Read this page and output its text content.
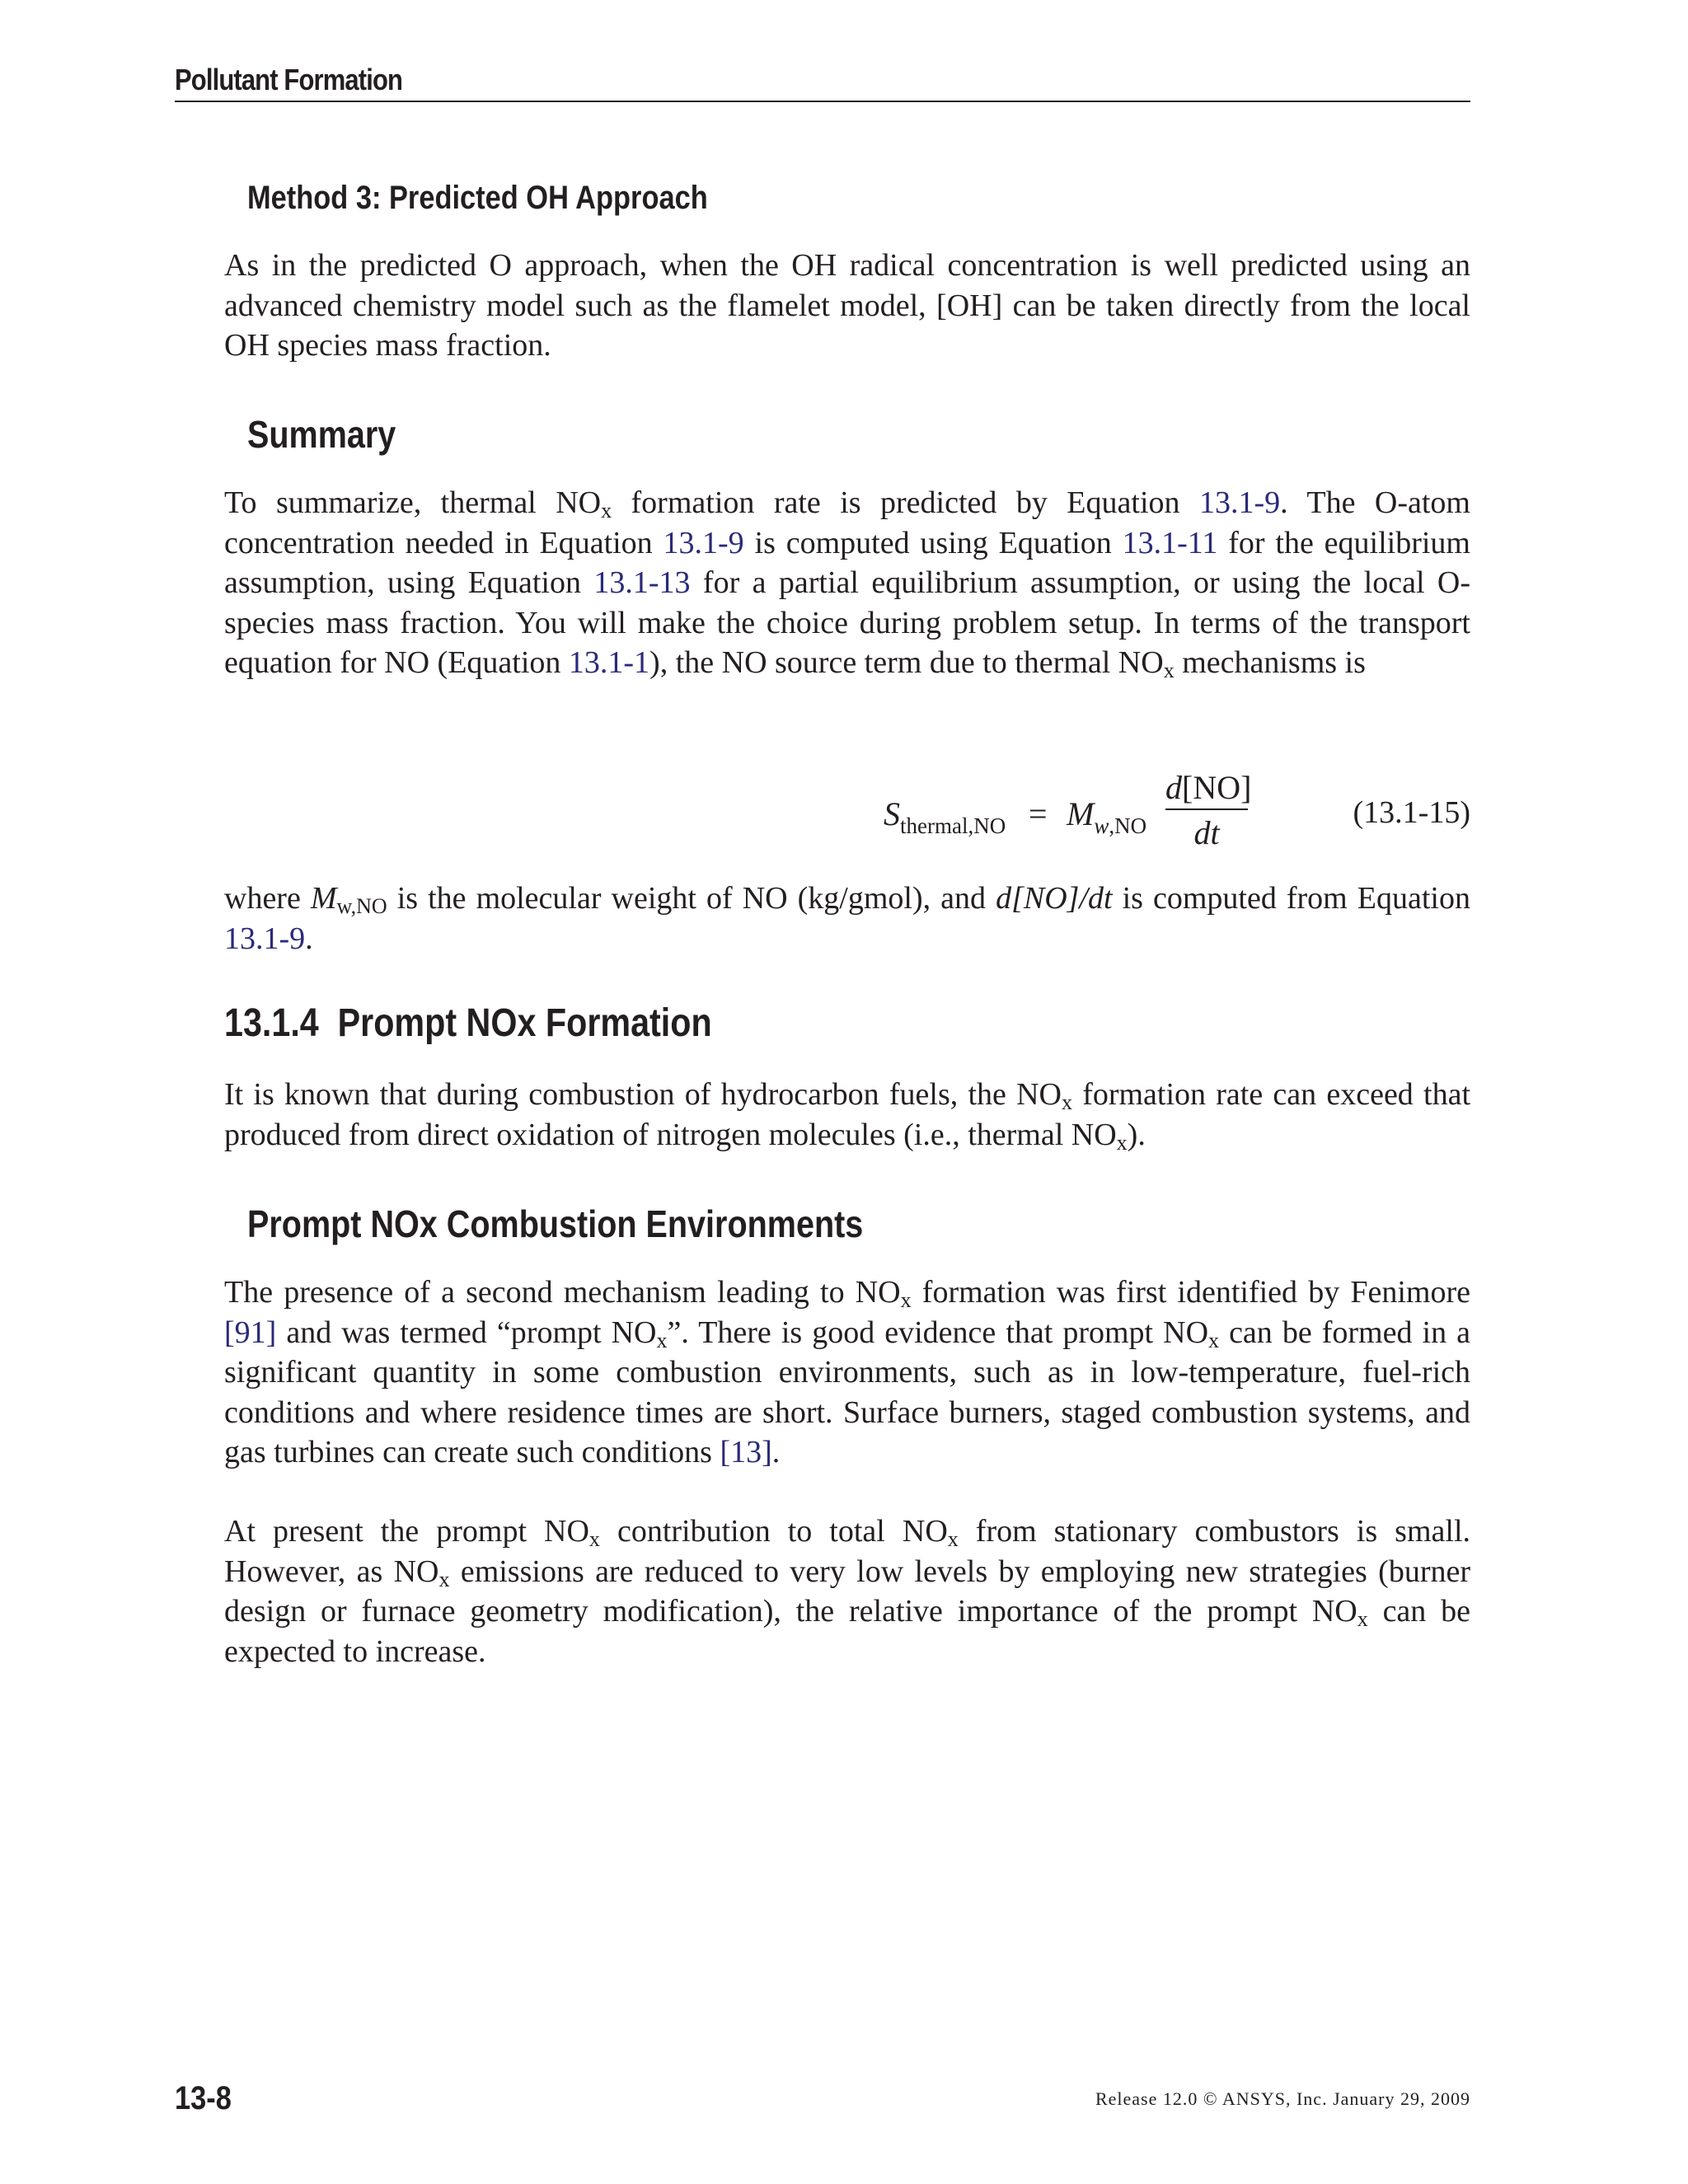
Pollutant Formation
Method 3: Predicted OH Approach

As in the predicted O approach, when the OH radical concentration is well predicted using an advanced chemistry model such as the flamelet model, [OH] can be taken directly from the local OH species mass fraction.

Summary

To summarize, thermal $NO_x$ formation rate is predicted by Equation 13.1-9. The O-atom concentration needed in Equation 13.1-9 is computed using Equation 13.1-11 for the equilibrium assumption, using Equation 13.1-13 for a partial equilibrium assumption, or using the local O-species mass fraction. You will make the choice during problem setup. In terms of the transport equation for NO (Equation 13.1-1), the NO source term due to thermal $NO_x$ mechanisms is

$S_{thermal,NO} = M_{w,NO}$
d[NO]
dt
(13.1-15)

where $M_{w,NO}$ is the molecular weight of NO (kg/gmol), and d[NO]/dt is computed from Equation 13.1-9.

13.1.4 Prompt NOx Formation

It is known that during combustion of hydrocarbon fuels, the $NO_x$ formation rate can exceed that produced from direct oxidation of nitrogen molecules (i.e., thermal $NO_x$).

Prompt NOx Combustion Environments

The presence of a second mechanism leading to $NO_x$ formation was first identified by Fenimore [91] and was termed “prompt $NO_x$”. There is good evidence that prompt $NO_x$ can be formed in a significant quantity in some combustion environments, such as in low-temperature, fuel-rich conditions and where residence times are short. Surface burners, staged combustion systems, and gas turbines can create such conditions [13].

At present the prompt $NO_x$ contribution to total $NO_x$ from stationary combustors is small. However, as $NO_x$ emissions are reduced to very low levels by employing new strategies (burner design or furnace geometry modification), the relative importance of the prompt $NO_x$ can be expected to increase.

13-8	Release 12.0 © ANSYS, Inc. January 29, 2009
